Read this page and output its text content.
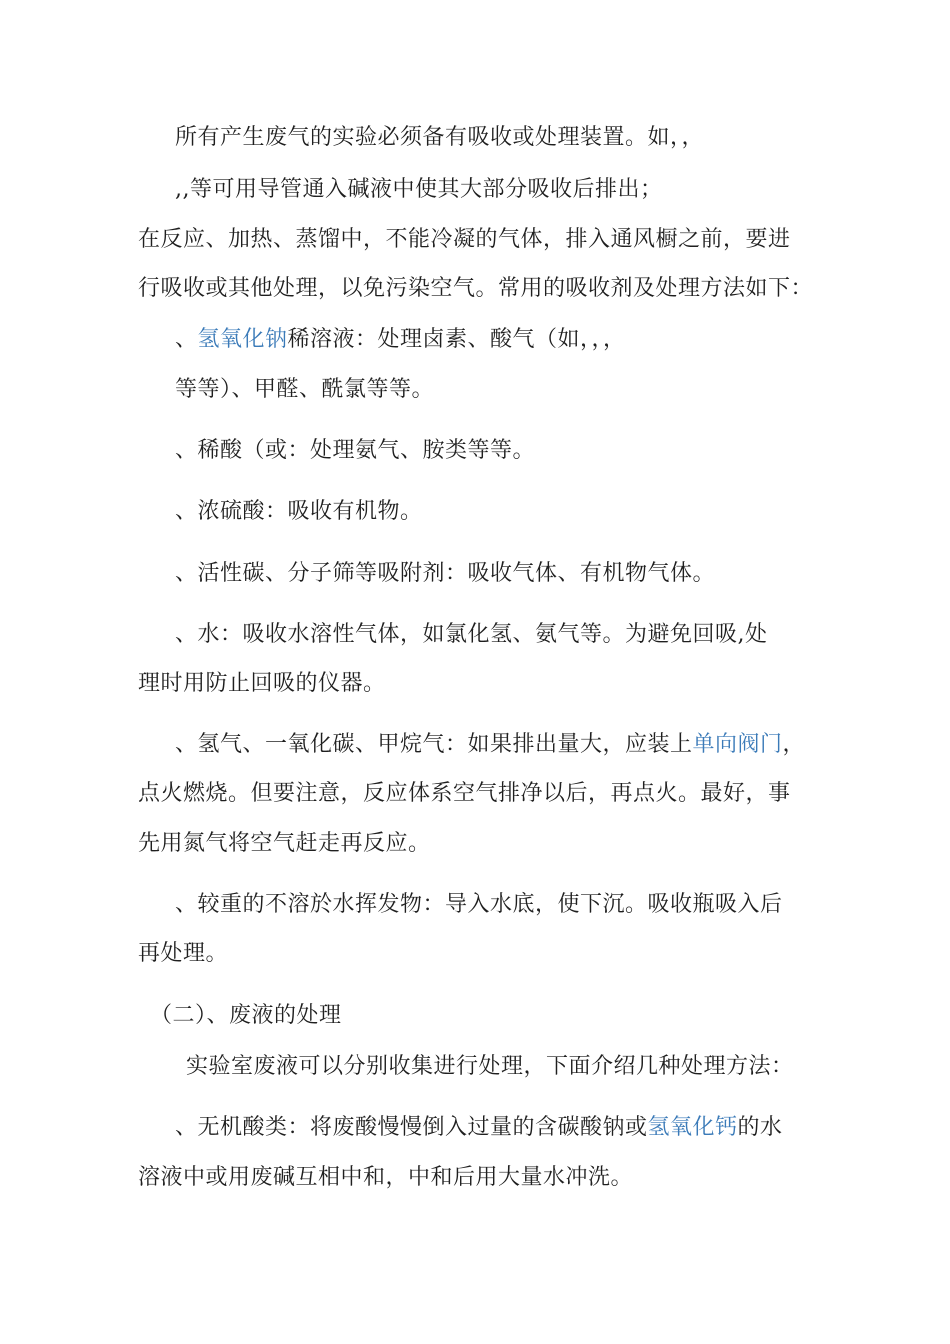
所有产生废气的实验必须备有吸收或处理装置。如，，
,,等可用导管通入碱液中使其大部分吸收后排出；
在反应、加热、蒸馏中，不能冷凝的气体，排入通风橱之前，要进
行吸收或其他处理，以免污染空气。常用的吸收剂及处理方法如下：
、氢氧化钠稀溶液：处理卤素、酸气（如，，，
等等）、甲醛、酰氯等等。
、稀酸（或：处理氨气、胺类等等。
、浓硫酸：吸收有机物。
、活性碳、分子筛等吸附剂：吸收气体、有机物气体。
、水：吸收水溶性气体，如氯化氢、氨气等。为避免回吸,处
理时用防止回吸的仪器。
、氢气、一氧化碳、甲烷气：如果排出量大，应装上单向阀门，
点火燃烧。但要注意，反应体系空气排净以后，再点火。最好，事
先用氮气将空气赶走再反应。
、较重的不溶於水挥发物：导入水底，使下沉。吸收瓶吸入后
再处理。
（二）、废液的处理
实验室废液可以分别收集进行处理，下面介绍几种处理方法：
、无机酸类：将废酸慢慢倒入过量的含碳酸钠或氢氧化钙的水
溶液中或用废碱互相中和，中和后用大量水冲洗。
